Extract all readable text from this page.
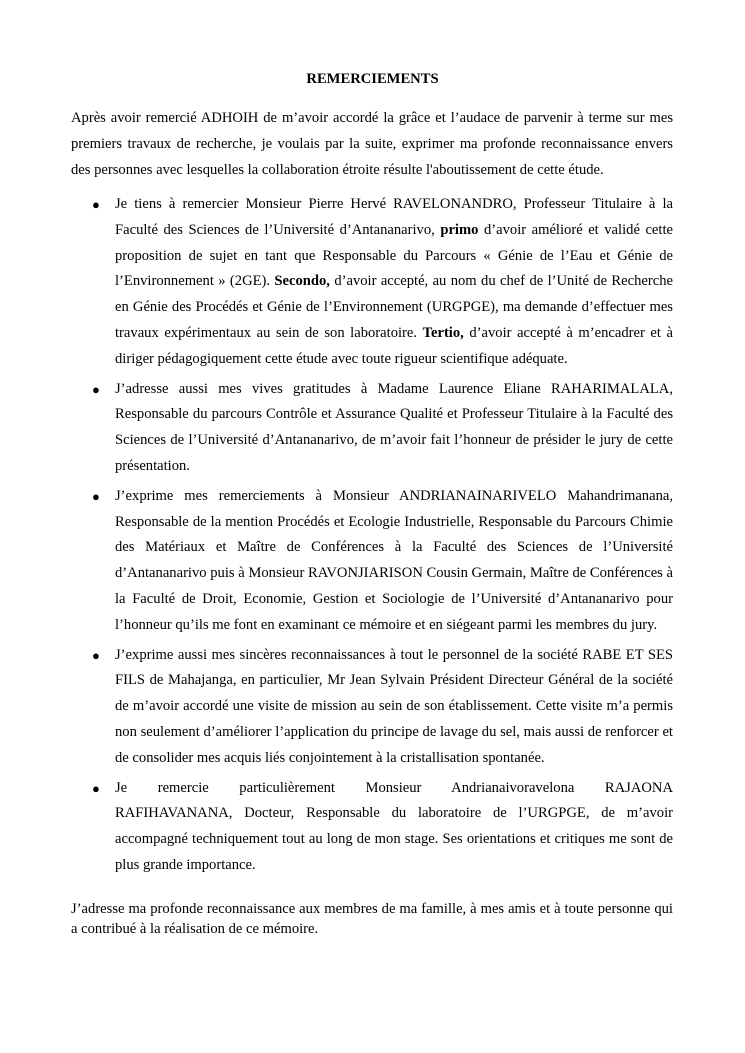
REMERCIEMENTS
Après avoir remercié ADHOIH de m’avoir accordé la grâce et l’audace de parvenir à terme sur mes premiers travaux de recherche, je voulais par la suite, exprimer ma profonde reconnaissance envers des personnes avec lesquelles la collaboration étroite résulte l'aboutissement de cette étude.
● Je tiens à remercier Monsieur Pierre Hervé RAVELONANDRO, Professeur Titulaire à la Faculté des Sciences de l’Université d’Antananarivo, primo d’avoir amélioré et validé cette proposition de sujet en tant que Responsable du Parcours « Génie de l’Eau et Génie de l’Environnement » (2GE). Secondo, d’avoir accepté, au nom du chef de l’Unité de Recherche en Génie des Procédés et Génie de l’Environnement (URGPGE), ma demande d’effectuer mes travaux expérimentaux au sein de son laboratoire. Tertio, d’avoir accepté à m’encadrer et à diriger pédagogiquement cette étude avec toute rigueur scientifique adéquate.
● J’adresse aussi mes vives gratitudes à Madame Laurence Eliane RAHARIMALALA, Responsable du parcours Contrôle et Assurance Qualité et Professeur Titulaire à la Faculté des Sciences de l’Université d’Antananarivo, de m’avoir fait l’honneur de présider le jury de cette présentation.
● J’exprime mes remerciements à Monsieur ANDRIANAINARIVELO Mahandrimanana, Responsable de la mention Procédés et Ecologie Industrielle, Responsable du Parcours Chimie des Matériaux et Maître de Conférences à la Faculté des Sciences de l’Université d’Antananarivo puis à Monsieur RAVONJIARISON Cousin Germain, Maître de Conférences à la Faculté de Droit, Economie, Gestion et Sociologie de l’Université d’Antananarivo pour l’honneur qu’ils me font en examinant ce mémoire et en siégeant parmi les membres du jury.
● J’exprime aussi mes sincères reconnaissances à tout le personnel de la société RABE ET SES FILS de Mahajanga, en particulier, Mr Jean Sylvain Président Directeur Général de la société de m’avoir accordé une visite de mission au sein de son établissement. Cette visite m’a permis non seulement d’améliorer l’application du principe de lavage du sel, mais aussi de renforcer et de consolider mes acquis liés conjointement à la cristallisation spontanée.
● Je remercie particulièrement Monsieur Andrianaivoravelona RAJAONA
RAFIHAVANANA, Docteur, Responsable du laboratoire de l’URGPGE, de m’avoir accompagné techniquement tout au long de mon stage. Ses orientations et critiques me sont de plus grande importance.
J’adresse ma profonde reconnaissance aux membres de ma famille, à mes amis et à toute personne qui a contribué à la réalisation de ce mémoire.
